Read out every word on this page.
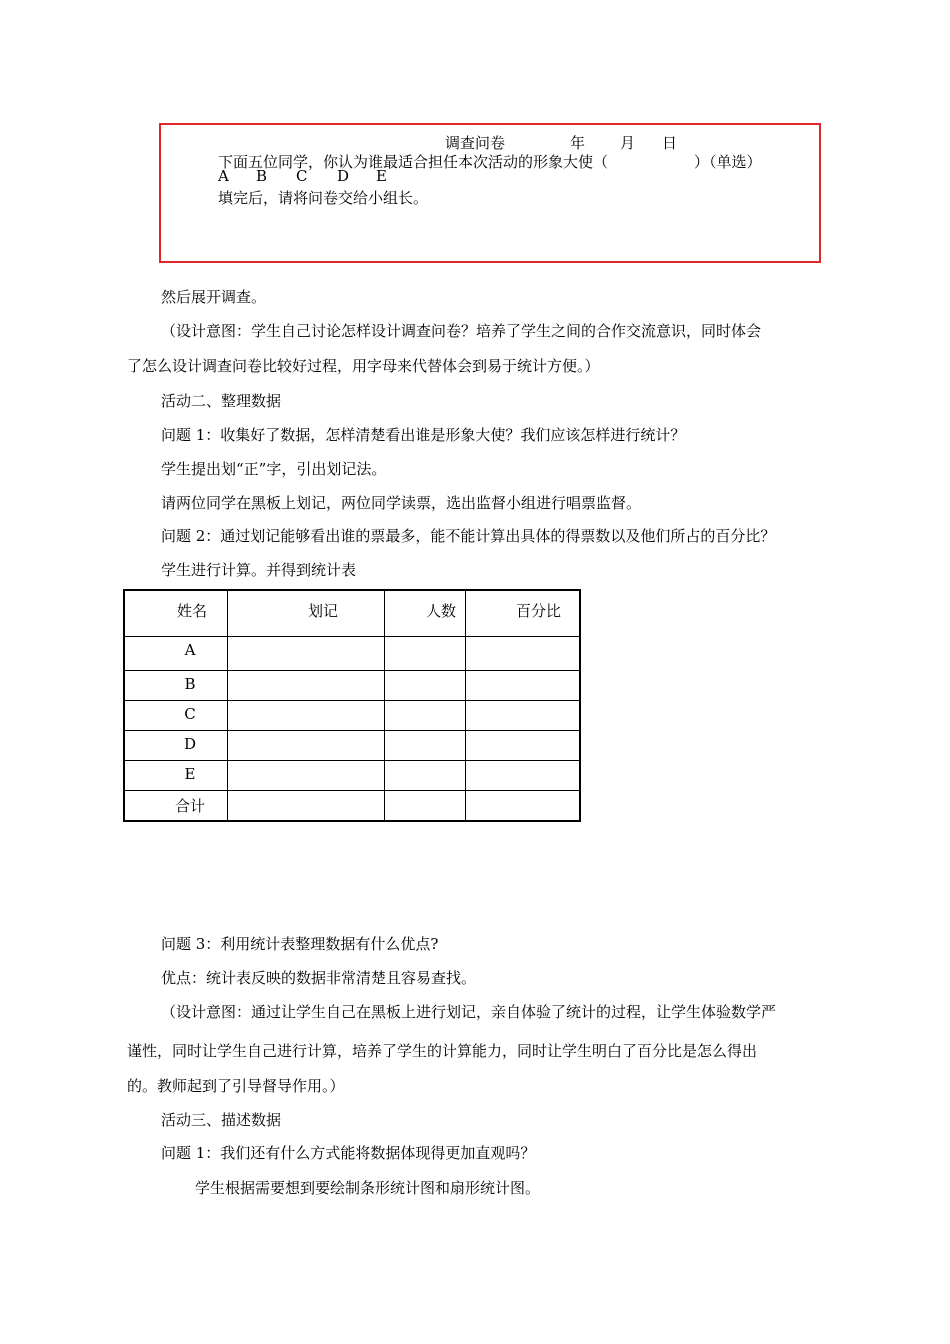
调查问卷	年 月 日
下面五位同学，你认为谁最适合担任本次活动的形象大使（	）（单选）
A B C D E
填完后，请将问卷交给小组长。
然后展开调查。
（设计意图：学生自己讨论怎样设计调查问卷？培养了学生之间的合作交流意识，同时体会
了怎么设计调查问卷比较好过程，用字母来代替体会到易于统计方便。）
活动二、整理数据
问题 1：收集好了数据，怎样清楚看出谁是形象大使？我们应该怎样进行统计？
学生提出划“正”字，引出划记法。
请两位同学在黑板上划记，两位同学读票，选出监督小组进行唱票监督。
问题 2：通过划记能够看出谁的票最多，能不能计算出具体的得票数以及他们所占的百分比？
学生进行计算。并得到统计表
姓名	划记	人数	百分比

A			

B			

C			

D			

E			

合计			

问题 3：利用统计表整理数据有什么优点?
优点：统计表反映的数据非常清楚且容易查找。
（设计意图：通过让学生自己在黑板上进行划记，亲自体验了统计的过程，让学生体验数学严
谨性，同时让学生自己进行计算，培养了学生的计算能力，同时让学生明白了百分比是怎么得出
的。教师起到了引导督导作用。）
活动三、描述数据
问题 1：我们还有什么方式能将数据体现得更加直观吗？
学生根据需要想到要绘制条形统计图和扇形统计图。
